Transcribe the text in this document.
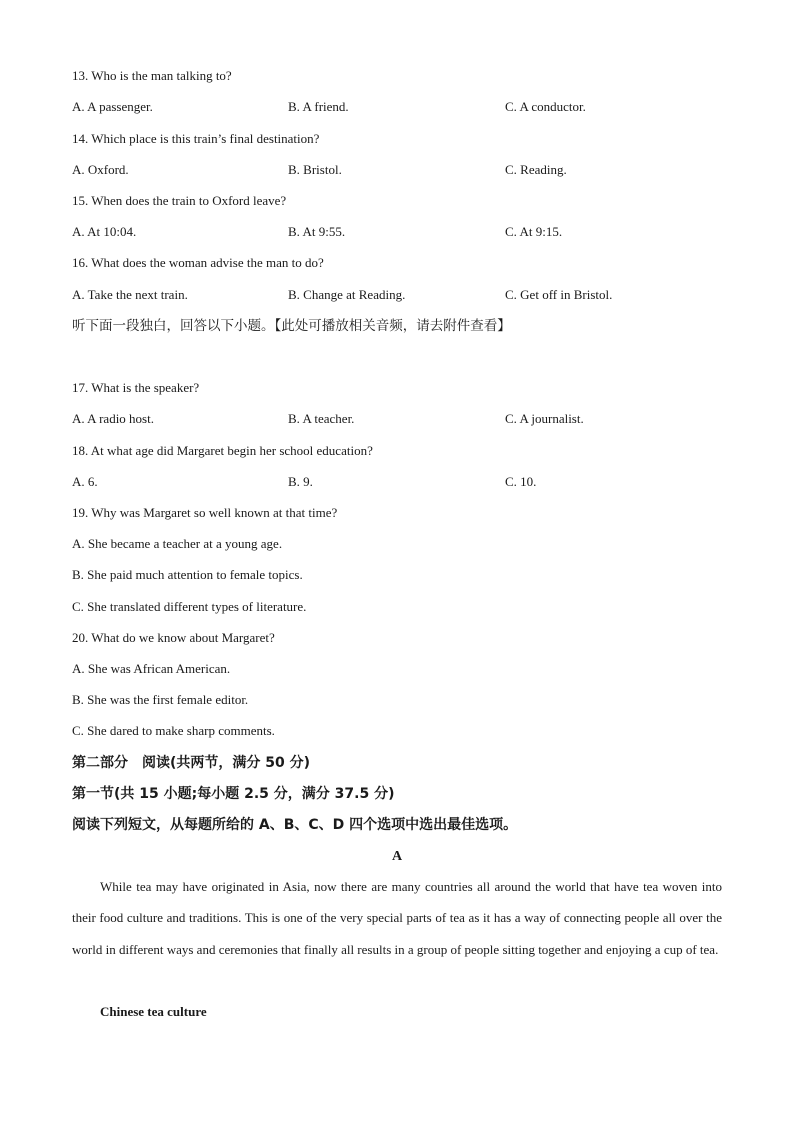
13. Who is the man talking to?
A. A passenger.	B. A friend.	C. A conductor.
14. Which place is this train’s final destination?
A. Oxford.	B. Bristol.	C. Reading.
15. When does the train to Oxford leave?
A. At 10:04.	B. At 9:55.	C. At 9:15.
16. What does the woman advise the man to do?
A. Take the next train.	B. Change at Reading.	C. Get off in Bristol.
听下面一段独白，回答以下小题。【此处可播放相关音频，请去附件查看】
17. What is the speaker?
A. A radio host.	B. A teacher.	C. A journalist.
18. At what age did Margaret begin her school education?
A. 6.	B. 9.	C. 10.
19. Why was Margaret so well known at that time?
A. She became a teacher at a young age.
B. She paid much attention to female topics.
C. She translated different types of literature.
20. What do we know about Margaret?
A. She was African American.
B. She was the first female editor.
C. She dared to make sharp comments.
第二部分　阅读(共两节，满分 50 分)
第一节(共 15 小题;每小题 2.5 分，满分 37.5 分)
阅读下列短文，从每题所给的 A、B、C、D 四个选项中选出最佳选项。
A

While tea may have originated in Asia, now there are many countries all around the world that have tea woven into their food culture and traditions. This is one of the very special parts of tea as it has a way of connecting people all over the world in different ways and ceremonies that finally all results in a group of people sitting together and enjoying a cup of tea.

Chinese tea culture
